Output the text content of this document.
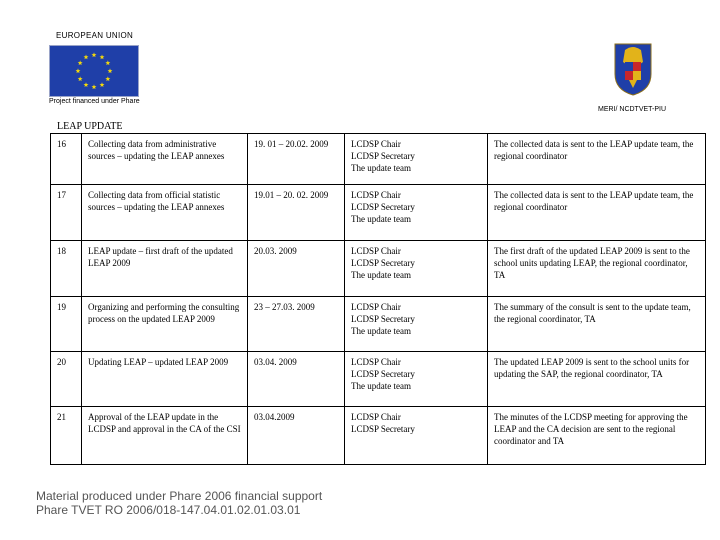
EUROPEAN UNION
Project financed under Phare
MERI/ NCDTVET-PIU
LEAP UPDATE
16	Collecting data from administrative sources – updating the LEAP annexes	19. 01 – 20.02. 2009	LCDSP Chair
LCDSP Secretary
The update team	The collected data is sent to the LEAP update team, the regional coordinator
17	Collecting data from official statistic sources – updating the LEAP annexes	19.01 – 20. 02. 2009	LCDSP Chair
LCDSP Secretary
The update team	The collected data is sent to the LEAP update team, the regional coordinator
18	LEAP update – first draft of the updated LEAP 2009	20.03. 2009	LCDSP Chair
LCDSP Secretary
The update team	The first draft of the updated LEAP 2009 is sent to the school units updating LEAP, the regional coordinator, TA
19	Organizing and performing the consulting process on the updated LEAP 2009	23 – 27.03. 2009	LCDSP Chair
LCDSP Secretary
The update team	The summary of the consult is sent to the update team, the regional coordinator, TA
20	Updating LEAP – updated LEAP 2009	03.04. 2009	LCDSP Chair
LCDSP Secretary
The update team	The updated LEAP 2009 is sent to the school units for updating the SAP, the regional coordinator, TA
21	Approval of the LEAP update in the LCDSP and approval in the CA of the CSI	03.04.2009	LCDSP Chair
LCDSP Secretary	The minutes of the LCDSP meeting for approving the LEAP and the CA decision are sent to the regional coordinator and TA
Material produced under Phare 2006 financial support
Phare TVET RO 2006/018-147.04.01.02.01.03.01
